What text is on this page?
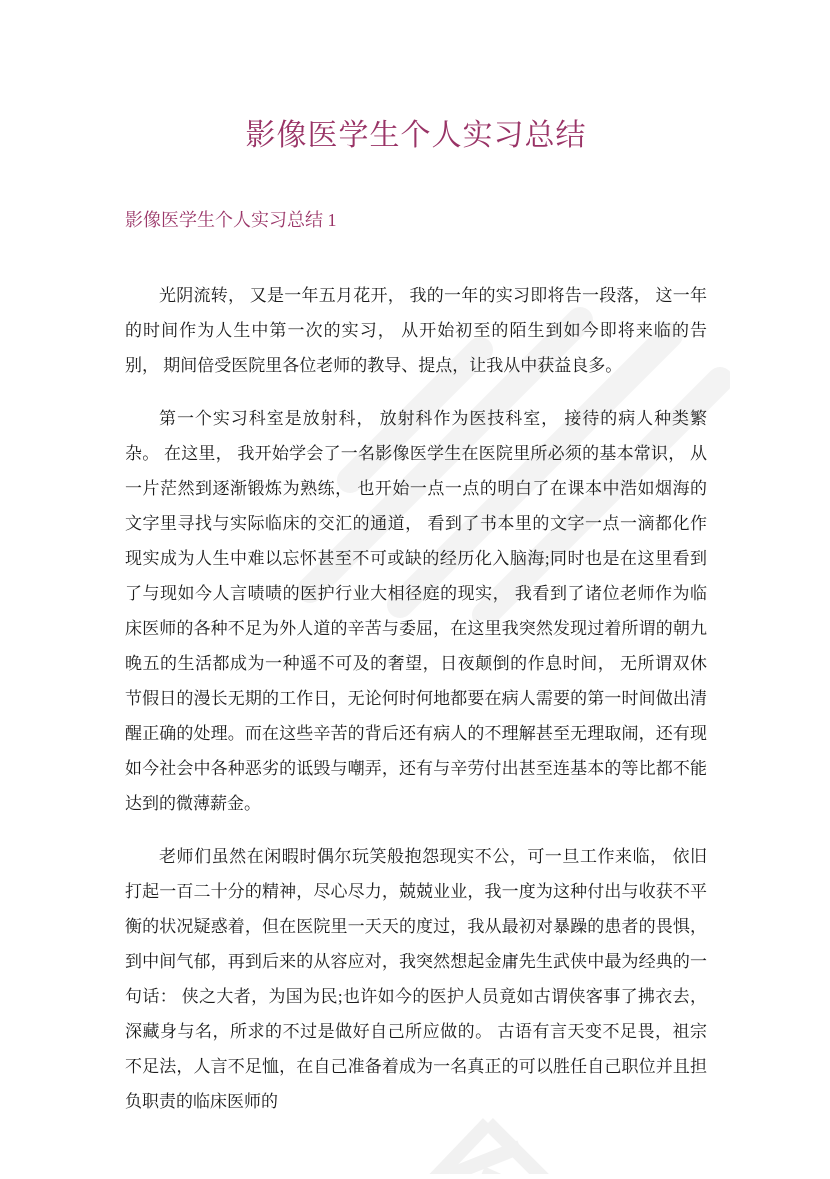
影像医学生个人实习总结
影像医学生个人实习总结 1

光阴流转， 又是一年五月花开， 我的一年的实习即将告一段落， 这一年的时间作为人生中第一次的实习， 从开始初至的陌生到如今即将来临的告别， 期间倍受医院里各位老师的教导、提点，让我从中获益良多。

第一个实习科室是放射科， 放射科作为医技科室， 接待的病人种类繁杂。 在这里， 我开始学会了一名影像医学生在医院里所必须的基本常识， 从一片茫然到逐渐锻炼为熟练， 也开始一点一点的明白了在课本中浩如烟海的文字里寻找与实际临床的交汇的通道， 看到了书本里的文字一点一滴都化作现实成为人生中难以忘怀甚至不可或缺的经历化入脑海;同时也是在这里看到了与现如今人言啧啧的医护行业大相径庭的现实， 我看到了诸位老师作为临床医师的各种不足为外人道的辛苦与委屈，在这里我突然发现过着所谓的朝九晚五的生活都成为一种遥不可及的奢望，日夜颠倒的作息时间， 无所谓双休节假日的漫长无期的工作日，无论何时何地都要在病人需要的第一时间做出清醒正确的处理。而在这些辛苦的背后还有病人的不理解甚至无理取闹，还有现如今社会中各种恶劣的诋毁与嘲弄，还有与辛劳付出甚至连基本的等比都不能达到的微薄薪金。

老师们虽然在闲暇时偶尔玩笑般抱怨现实不公，可一旦工作来临， 依旧打起一百二十分的精神，尽心尽力，兢兢业业，我一度为这种付出与收获不平衡的状况疑惑着，但在医院里一天天的度过，我从最初对暴躁的患者的畏惧，到中间气郁，再到后来的从容应对，我突然想起金庸先生武侠中最为经典的一句话： 侠之大者，为国为民;也许如今的医护人员竟如古谓侠客事了拂衣去，深藏身与名，所求的不过是做好自己所应做的。 古语有言天变不足畏，祖宗不足法，人言不足恤，在自己准备着成为一名真正的可以胜任自己职位并且担负职责的临床医师的
